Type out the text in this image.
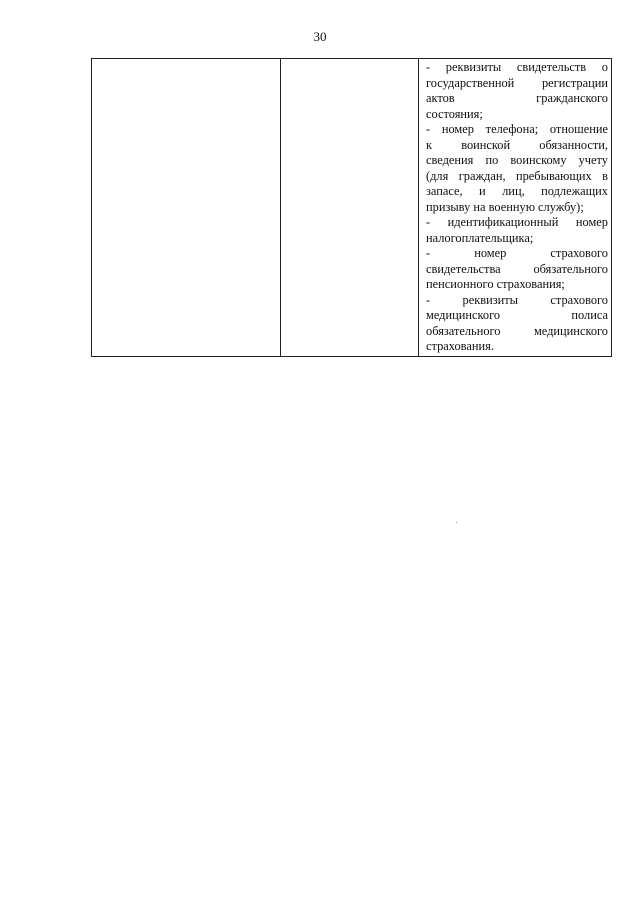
30

- реквизиты свидетельств о
государственной регистрации
актов	гражданского
состояния;
- номер телефона; отношение
к воинской обязанности,
сведения по воинскому учету
(для граждан, пребывающих в
запасе, и лиц, подлежащих
призыву на военную службу);
- идентификационный номер
налогоплательщика;
-	номер	страхового
свидетельства	обязательного
пенсионного страхования;
-	реквизиты	страхового
медицинского	полиса
обязательного	медицинского
страхования.
